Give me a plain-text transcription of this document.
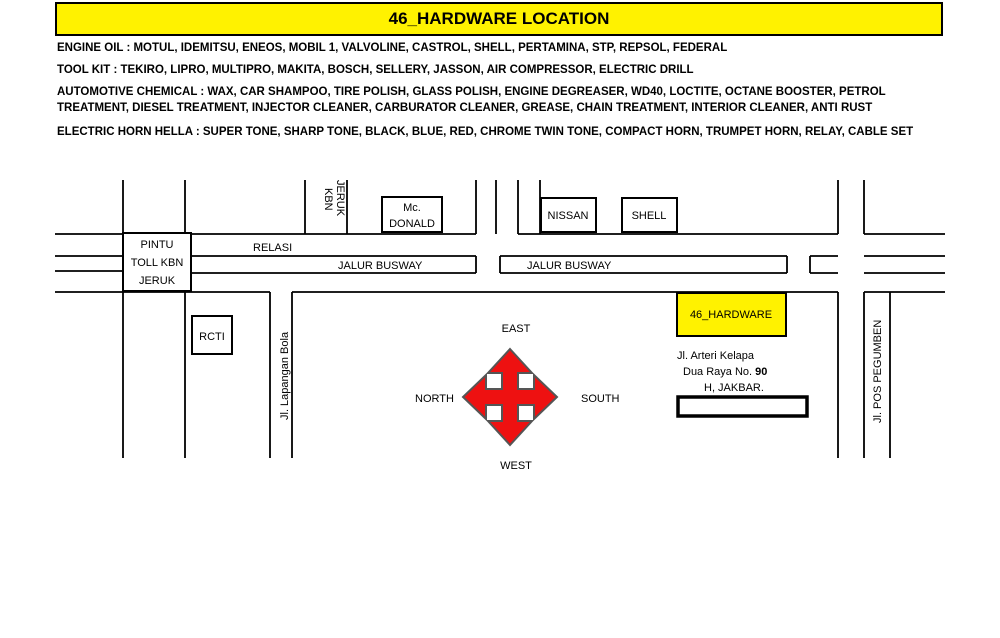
46_HARDWARE LOCATION
ENGINE OIL : MOTUL, IDEMITSU, ENEOS, MOBIL 1, VALVOLINE, CASTROL, SHELL, PERTAMINA, STP, REPSOL, FEDERAL
TOOL KIT : TEKIRO, LIPRO, MULTIPRO, MAKITA, BOSCH, SELLERY, JASSON, AIR COMPRESSOR, ELECTRIC DRILL
AUTOMOTIVE CHEMICAL : WAX, CAR SHAMPOO, TIRE POLISH, GLASS POLISH, ENGINE DEGREASER, WD40, LOCTITE, OCTANE BOOSTER, PETROL
TREATMENT, DIESEL TREATMENT, INJECTOR CLEANER, CARBURATOR CLEANER, GREASE, CHAIN TREATMENT, INTERIOR CLEANER, ANTI RUST
ELECTRIC HORN HELLA : SUPER TONE, SHARP TONE, BLACK, BLUE, RED, CHROME TWIN TONE, COMPACT HORN, TRUMPET HORN, RELAY, CABLE SET
PINTU
TOLL KBN
JERUK
Mc.
DONALD
NISSAN	SHELL
RCTI
46_HARDWARE
RELASI
JALUR BUSWAY	JALUR BUSWAY
KBN JERUK
Jl. Lapangan Bola	Jl. POS PEGUMBEN
EAST
WEST
NORTH	SOUTH
Jl. Arteri Kelapa
Dua Raya No. 90
H, JAKBAR.
